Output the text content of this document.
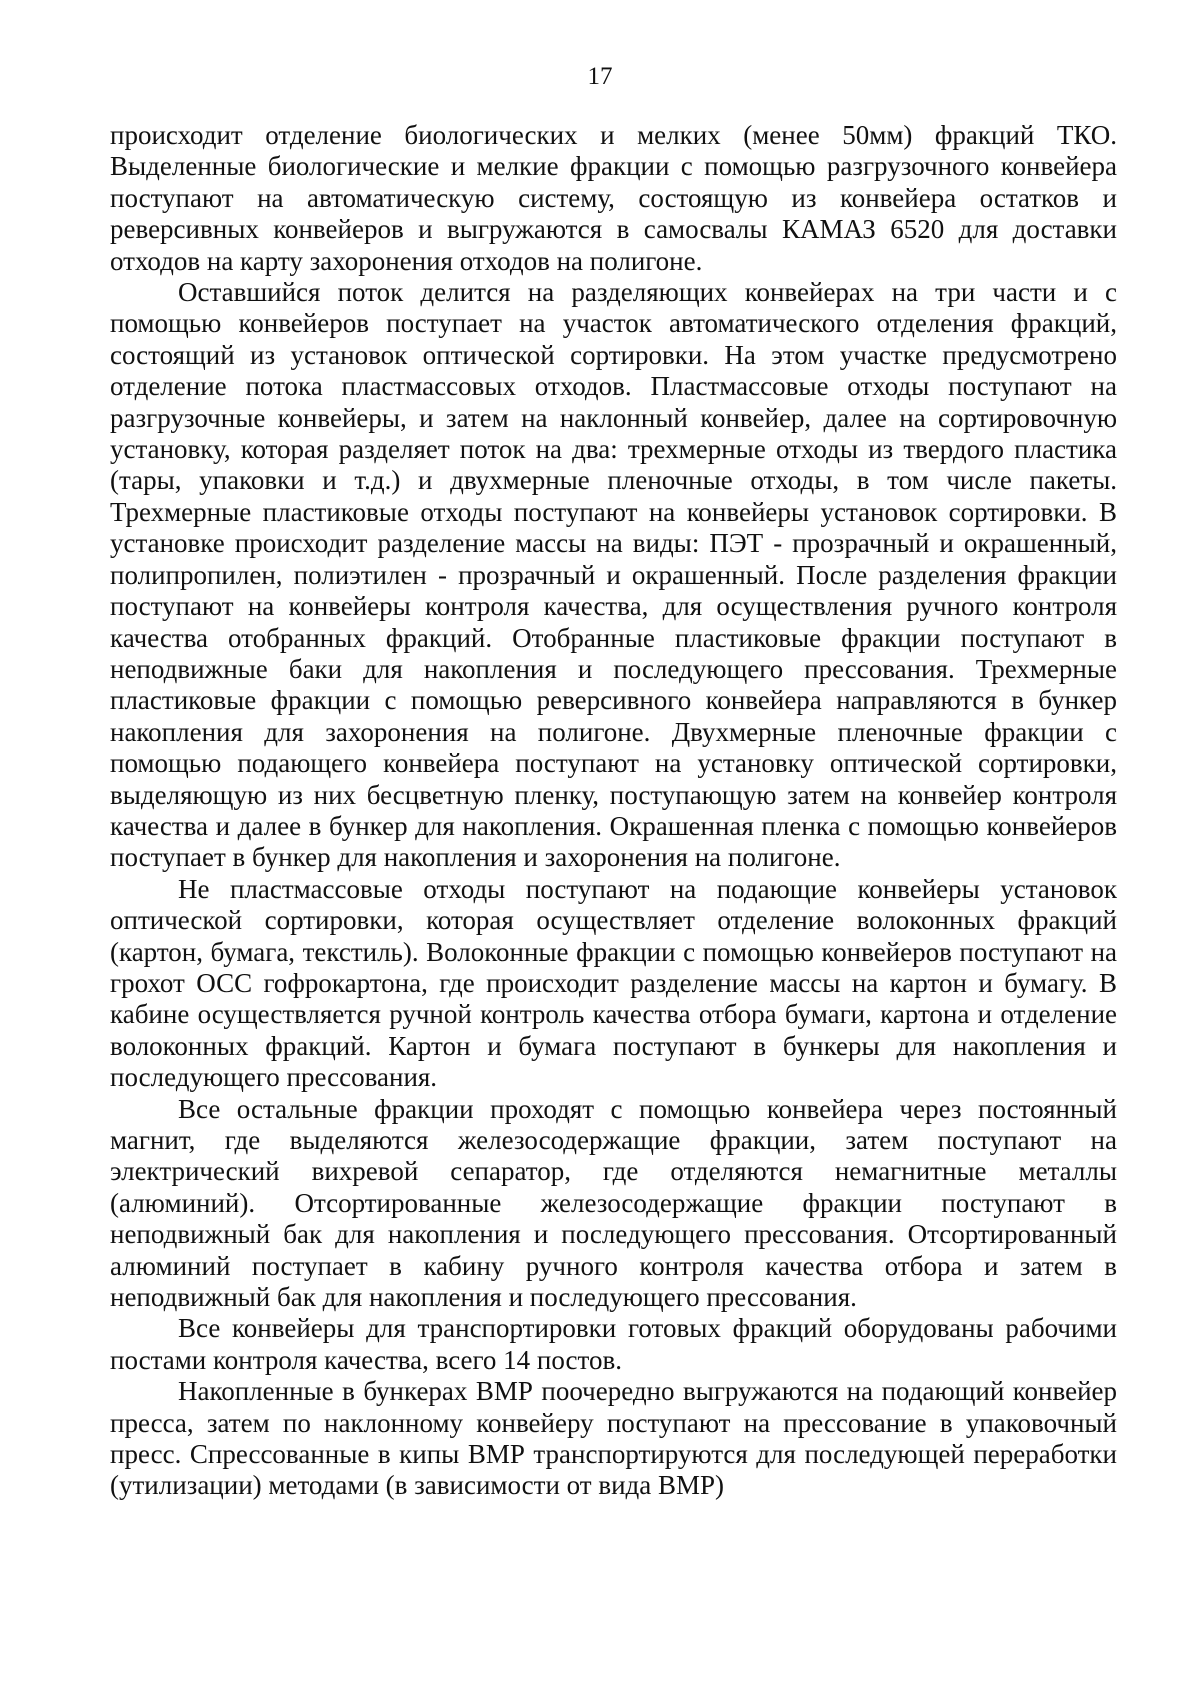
17

происходит отделение биологических и мелких (менее 50мм) фракций ТКО. Выделенные биологические и мелкие фракции с помощью разгрузочного конвейера поступают на автоматическую систему, состоящую из конвейера остатков и реверсивных конвейеров и выгружаются в самосвалы КАМАЗ 6520 для доставки отходов на карту захоронения отходов на полигоне.

Оставшийся поток делится на разделяющих конвейерах на три части и с помощью конвейеров поступает на участок автоматического отделения фракций, состоящий из установок оптической сортировки. На этом участке предусмотрено отделение потока пластмассовых отходов. Пластмассовые отходы поступают на разгрузочные конвейеры, и затем на наклонный конвейер, далее на сортировочную установку, которая разделяет поток на два: трехмерные отходы из твердого пластика (тары, упаковки и т.д.) и двухмерные пленочные отходы, в том числе пакеты. Трехмерные пластиковые отходы поступают на конвейеры установок сортировки. В установке происходит разделение массы на виды: ПЭТ - прозрачный и окрашенный, полипропилен, полиэтилен - прозрачный и окрашенный. После разделения фракции поступают на конвейеры контроля качества, для осуществления ручного контроля качества отобранных фракций. Отобранные пластиковые фракции поступают в неподвижные баки для накопления и последующего прессования. Трехмерные пластиковые фракции с помощью реверсивного конвейера направляются в бункер накопления для захоронения на полигоне. Двухмерные пленочные фракции с помощью подающего конвейера поступают на установку оптической сортировки, выделяющую из них бесцветную пленку, поступающую затем на конвейер контроля качества и далее в бункер для накопления. Окрашенная пленка с помощью конвейеров поступает в бункер для накопления и захоронения на полигоне.

Не пластмассовые отходы поступают на подающие конвейеры установок оптической сортировки, которая осуществляет отделение волоконных фракций (картон, бумага, текстиль). Волоконные фракции с помощью конвейеров поступают на грохот ОСС гофрокартона, где происходит разделение массы на картон и бумагу. В кабине осуществляется ручной контроль качества отбора бумаги, картона и отделение волоконных фракций. Картон и бумага поступают в бункеры для накопления и последующего прессования.

Все остальные фракции проходят с помощью конвейера через постоянный магнит, где выделяются железосодержащие фракции, затем поступают на электрический вихревой сепаратор, где отделяются немагнитные металлы (алюминий). Отсортированные железосодержащие фракции поступают в неподвижный бак для накопления и последующего прессования. Отсортированный алюминий поступает в кабину ручного контроля качества отбора и затем в неподвижный бак для накопления и последующего прессования.

Все конвейеры для транспортировки готовых фракций оборудованы рабочими постами контроля качества, всего 14 постов.

Накопленные в бункерах ВМР поочередно выгружаются на подающий конвейер пресса, затем по наклонному конвейеру поступают на прессование в упаковочный пресс. Спрессованные в кипы ВМР транспортируются для последующей переработки (утилизации) методами (в зависимости от вида ВМР)
